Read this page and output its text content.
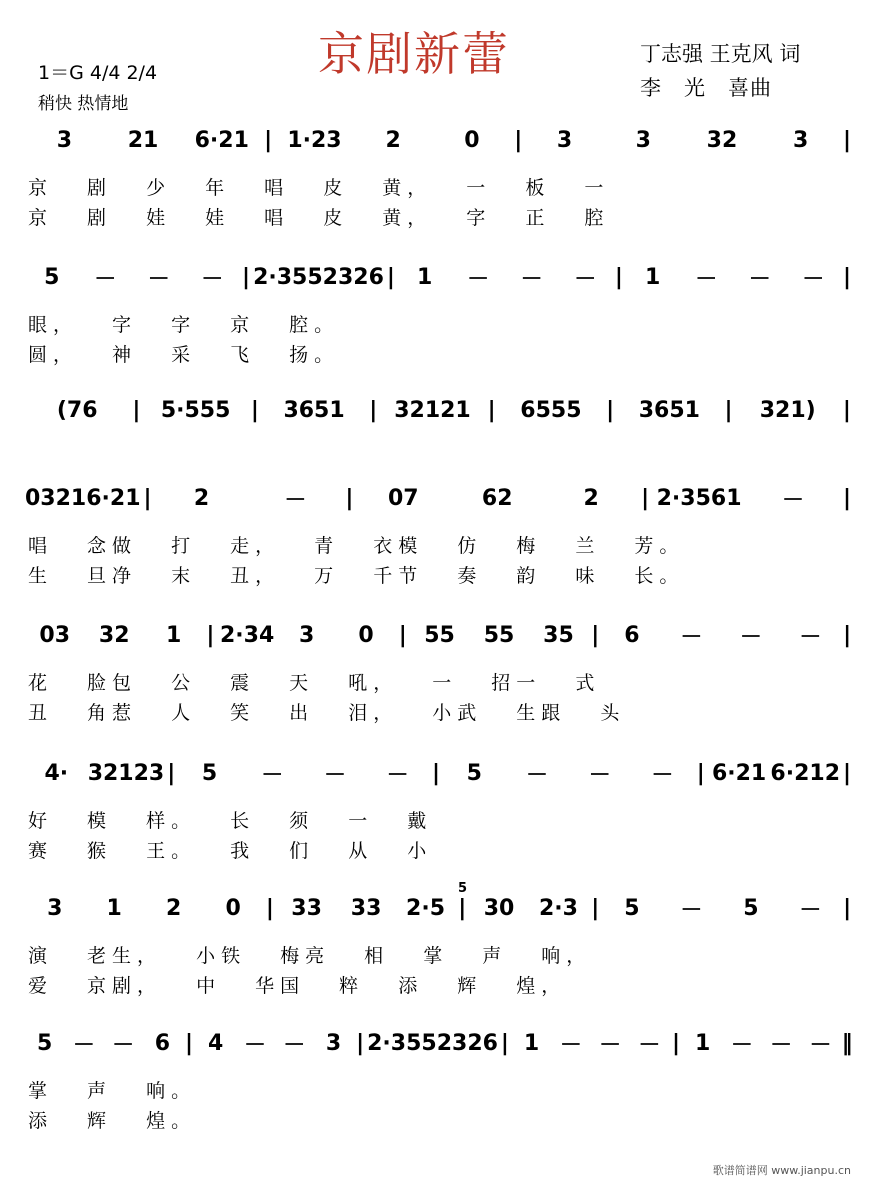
京剧新蕾
1＝G 4/4 2/4
稍快 热情地
丁志强 王克风 词
李　光　喜曲
3	21	6·21 | 1·23	2	0	|	3	3	32	3	|
京 剧 少 年 唱 皮 黄， 一 板 一
京 剧 娃 娃 唱 皮 黄， 字 正 腔
5	－	－	－ | 2·35 52326 |	1	－	－	－ |	1	－	－	－ |
眼， 字 字 京 腔。
圆， 神 采 飞 扬。
(76	| 5·555 |	3651	| 32121 |	6555	|	3651	|	321)	|
03216·21 |	2	－	|	07	62	2	| 2·3561	－	|
唱 念做 打 走， 青 衣模 仿 梅 兰 芳。
生 旦净 末 丑， 万 千节 奏 韵 味 长。
03	32	1	| 2·34	3	0	| 55	55	35 |	6	－	－	－ |
花 脸包 公 震 天 吼， 一 招一 式
丑 角惹 人 笑 出 泪， 小武 生跟 头
4· 32123 |	5	－	－	－	|	5	－	－	－	| 6·21 6·212 |
好 模 样。 长 须 一 戴
赛 猴 王。 我 们 从 小
3	1	2	0	| 33	33	2·5 | 30	2·3 |	5	－	5	－ |
5
演 老生， 小铁 梅亮 相 掌 声 响，
爱 京剧， 中 华国 粹 添 辉 煌，
5 － － 6 | 4 － － 3 | 2·35 52326 | 1 － － － | 1 － － － ‖
掌 声 响。
添 辉 煌。
歌谱简谱网 www.jianpu.cn
